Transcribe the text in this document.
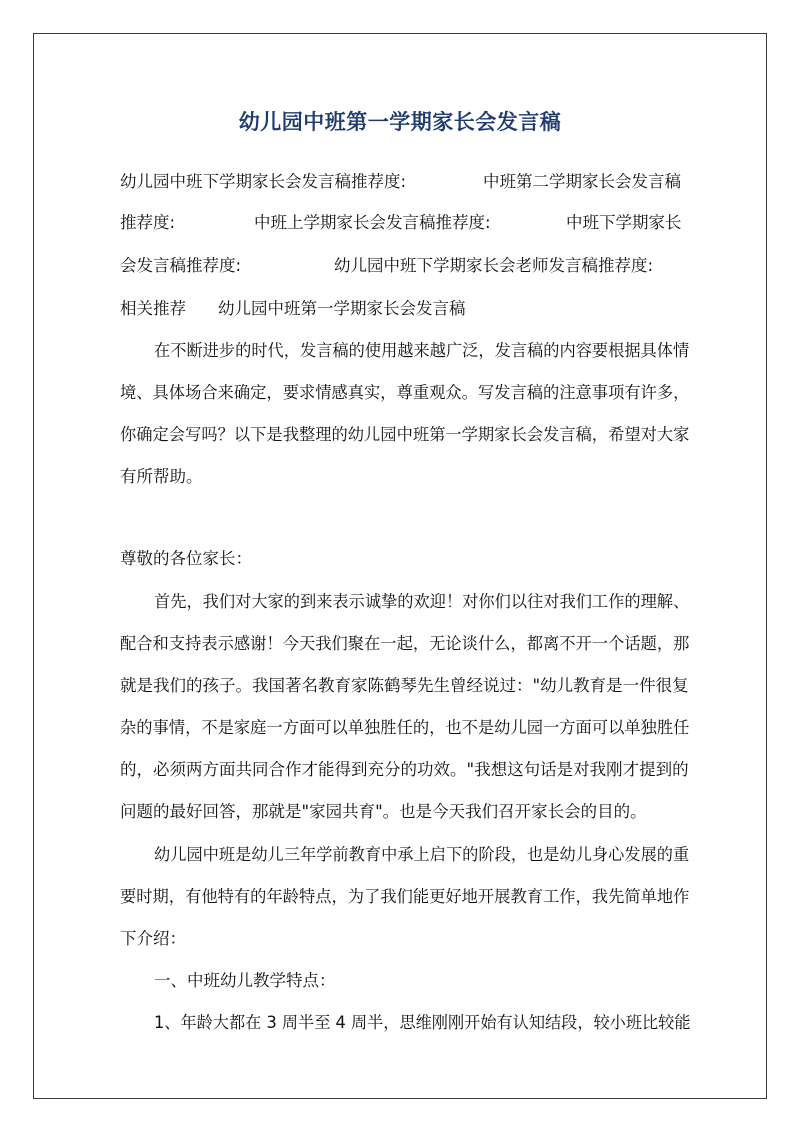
幼儿园中班第一学期家长会发言稿
幼儿园中班下学期家长会发言稿推荐度:	中班第二学期家长会发言稿
推荐度:	中班上学期家长会发言稿推荐度:	中班下学期家长
会发言稿推荐度:	幼儿园中班下学期家长会老师发言稿推荐度:
相关推荐 幼儿园中班第一学期家长会发言稿
在不断进步的时代，发言稿的使用越来越广泛，发言稿的内容要根据具体情
境、具体场合来确定，要求情感真实，尊重观众。写发言稿的注意事项有许多，
你确定会写吗？以下是我整理的幼儿园中班第一学期家长会发言稿，希望对大家
有所帮助。
尊敬的各位家长：
首先，我们对大家的到来表示诚挚的欢迎！对你们以往对我们工作的理解、
配合和支持表示感谢！今天我们聚在一起，无论谈什么，都离不开一个话题，那
就是我们的孩子。我国著名教育家陈鹤琴先生曾经说过："幼儿教育是一件很复
杂的事情，不是家庭一方面可以单独胜任的，也不是幼儿园一方面可以单独胜任
的，必须两方面共同合作才能得到充分的功效。"我想这句话是对我刚才提到的
问题的最好回答，那就是"家园共育"。也是今天我们召开家长会的目的。
幼儿园中班是幼儿三年学前教育中承上启下的阶段，也是幼儿身心发展的重
要时期，有他特有的年龄特点，为了我们能更好地开展教育工作，我先简单地作
下介绍：
一、中班幼儿教学特点：
1、年龄大都在 3 周半至 4 周半，思维刚刚开始有认知结段，较小班比较能
